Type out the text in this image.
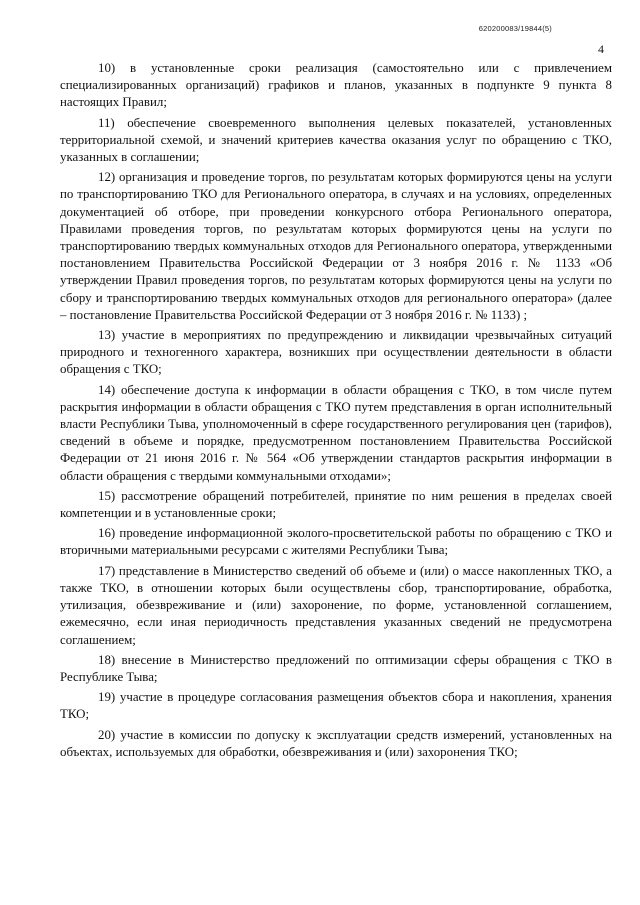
620200083/19844(5)
4

10) в установленные сроки реализация (самостоятельно или с привлечением специализированных организаций) графиков и планов, указанных в подпункте 9 пункта 8 настоящих Правил;

11) обеспечение своевременного выполнения целевых показателей, установленных территориальной схемой, и значений критериев качества оказания услуг по обращению с ТКО, указанных в соглашении;

12) организация и проведение торгов, по результатам которых формируются цены на услуги по транспортированию ТКО для Регионального оператора, в случаях и на условиях, определенных документацией об отборе, при проведении конкурсного отбора Регионального оператора, Правилами проведения торгов, по результатам которых формируются цены на услуги по транспортированию твердых коммунальных отходов для Регионального оператора, утвержденными постановлением Правительства Российской Федерации от 3 ноября 2016 г. № 1133 «Об утверждении Правил проведения торгов, по результатам которых формируются цены на услуги по сбору и транспортированию твердых коммунальных отходов для регионального оператора» (далее – постановление Правительства Российской Федерации от 3 ноября 2016 г. № 1133) ;

13) участие в мероприятиях по предупреждению и ликвидации чрезвычайных ситуаций природного и техногенного характера, возникших при осуществлении деятельности в области обращения с ТКО;

14) обеспечение доступа к информации в области обращения с ТКО, в том числе путем раскрытия информации в области обращения с ТКО путем представления в орган исполнительный власти Республики Тыва, уполномоченный в сфере государственного регулирования цен (тарифов), сведений в объеме и порядке, предусмотренном постановлением Правительства Российской Федерации от 21 июня 2016 г. № 564 «Об утверждении стандартов раскрытия информации в области обращения с твердыми коммунальными отходами»;

15) рассмотрение обращений потребителей, принятие по ним решения в пределах своей компетенции и в установленные сроки;

16) проведение информационной эколого-просветительской работы по обращению с ТКО и вторичными материальными ресурсами с жителями Республики Тыва;

17) представление в Министерство сведений об объеме и (или) о массе накопленных ТКО, а также ТКО, в отношении которых были осуществлены сбор, транспортирование, обработка, утилизация, обезвреживание и (или) захоронение, по форме, установленной соглашением, ежемесячно, если иная периодичность представления указанных сведений не предусмотрена соглашением;

18) внесение в Министерство предложений по оптимизации сферы обращения с ТКО в Республике Тыва;

19) участие в процедуре согласования размещения объектов сбора и накопления, хранения ТКО;

20) участие в комиссии по допуску к эксплуатации средств измерений, установленных на объектах, используемых для обработки, обезвреживания и (или) захоронения ТКО;
